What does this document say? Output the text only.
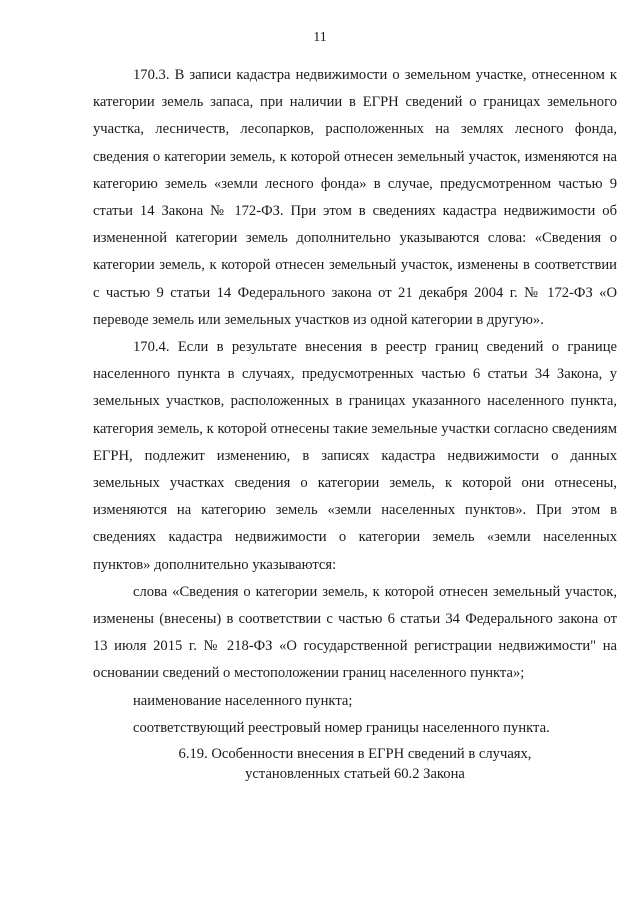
11

170.3. В записи кадастра недвижимости о земельном участке, отнесенном к категории земель запаса, при наличии в ЕГРН сведений о границах земельного участка, лесничеств, лесопарков, расположенных на землях лесного фонда, сведения о категории земель, к которой отнесен земельный участок, изменяются на категорию земель «земли лесного фонда» в случае, предусмотренном частью 9 статьи 14 Закона № 172-ФЗ. При этом в сведениях кадастра недвижимости об измененной категории земель дополнительно указываются слова: «Сведения о категории земель, к которой отнесен земельный участок, изменены в соответствии с частью 9 статьи 14 Федерального закона от 21 декабря 2004 г. № 172-ФЗ «О переводе земель или земельных участков из одной категории в другую».

170.4. Если в результате внесения в реестр границ сведений о границе населенного пункта в случаях, предусмотренных частью 6 статьи 34 Закона, у земельных участков, расположенных в границах указанного населенного пункта, категория земель, к которой отнесены такие земельные участки согласно сведениям ЕГРН, подлежит изменению, в записях кадастра недвижимости о данных земельных участках сведения о категории земель, к которой они отнесены, изменяются на категорию земель «земли населенных пунктов». При этом в сведениях кадастра недвижимости о категории земель «земли населенных пунктов» дополнительно указываются:

слова «Сведения о категории земель, к которой отнесен земельный участок, изменены (внесены) в соответствии с частью 6 статьи 34 Федерального закона от 13 июля 2015 г. № 218-ФЗ «О государственной регистрации недвижимости" на основании сведений о местоположении границ населенного пункта»;

наименование населенного пункта;

соответствующий реестровый номер границы населенного пункта.

6.19. Особенности внесения в ЕГРН сведений в случаях,
установленных статьей 60.2 Закона
